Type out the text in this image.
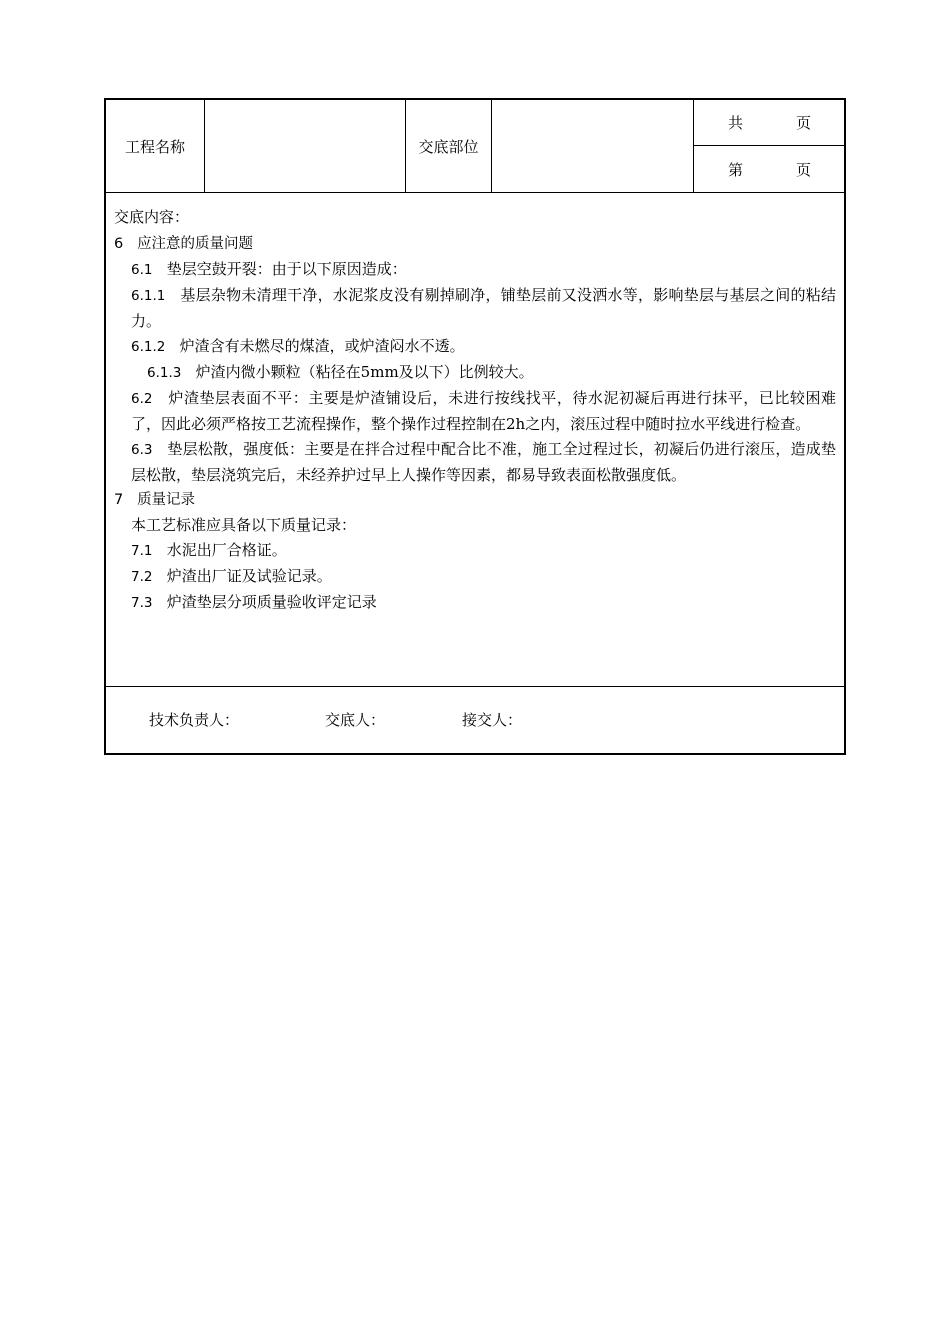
工程名称	交底部位
共	页
第	页

交底内容：

6 应注意的质量问题

6.1 垫层空鼓开裂：由于以下原因造成：

6.1.1 基层杂物未清理干净，水泥浆皮没有剔掉刷净，铺垫层前又没洒水等，影响垫层与基层之间的粘结力。

6.1.2 炉渣含有未燃尽的煤渣，或炉渣闷水不透。

6.1.3 炉渣内微小颗粒（粘径在5mm及以下）比例较大。

6.2 炉渣垫层表面不平：主要是炉渣铺设后，未进行按线找平，待水泥初凝后再进行抹平，已比较困难了，因此必须严格按工艺流程操作，整个操作过程控制在2h之内，滚压过程中随时拉水平线进行检查。

6.3 垫层松散，强度低：主要是在拌合过程中配合比不准，施工全过程过长，初凝后仍进行滚压，造成垫层松散，垫层浇筑完后，未经养护过早上人操作等因素，都易导致表面松散强度低。

7 质量记录

本工艺标准应具备以下质量记录：

7.1 水泥出厂合格证。

7.2 炉渣出厂证及试验记录。

7.3 炉渣垫层分项质量验收评定记录

技术负责人：	交底人：	接交人：
